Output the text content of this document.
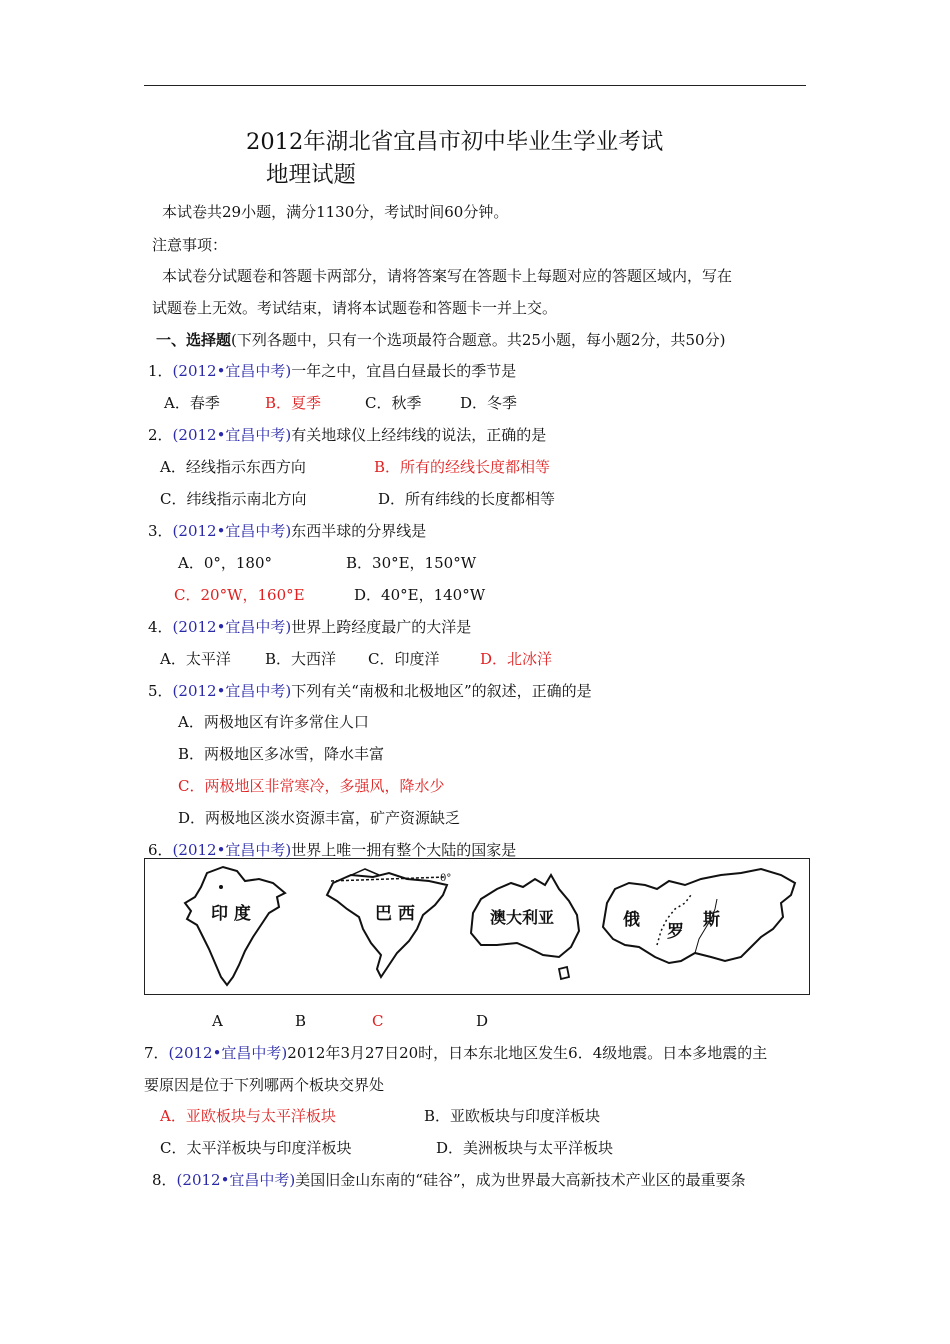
2012年湖北省宜昌市初中毕业生学业考试
地理试题
本试卷共29小题，满分1130分，考试时间60分钟。
注意事项：
本试卷分试题卷和答题卡两部分，请将答案写在答题卡上每题对应的答题区域内，写在
试题卷上无效。考试结束，请将本试题卷和答题卡一并上交。
一、选择题(下列各题中，只有一个选项最符合题意。共25小题，每小题2分，共50分)
1．(2012•宜昌中考)一年之中，宜昌白昼最长的季节是
A．春季	B．夏季	C．秋季	D．冬季
2．(2012•宜昌中考)有关地球仪上经纬线的说法，正确的是
A．经线指示东西方向	B．所有的经线长度都相等
C．纬线指示南北方向	D．所有纬线的长度都相等
3．(2012•宜昌中考)东西半球的分界线是
A．0°，180°	B．30°E，150°W
C．20°W，160°E	D．40°E，140°W
4．(2012•宜昌中考)世界上跨经度最广的大洋是
A．太平洋 B．大西洋 C．印度洋	D．北冰洋
5．(2012•宜昌中考)下列有关“南极和北极地区”的叙述，正确的是
A．两极地区有许多常住人口
B．两极地区多冰雪，降水丰富
C．两极地区非常寒冷，多强风，降水少
D．两极地区淡水资源丰富，矿产资源缺乏
6．(2012•宜昌中考)世界上唯一拥有整个大陆的国家是
印 度
0°
巴 西	澳大利亚	俄
罗
斯
A	B	C	D
7．(2012•宜昌中考)2012年3月27日20时，日本东北地区发生6．4级地震。日本多地震的主
要原因是位于下列哪两个板块交界处
A．亚欧板块与太平洋板块	B．亚欧板块与印度洋板块
C．太平洋板块与印度洋板块	D．美洲板块与太平洋板块
8．(2012•宜昌中考)美国旧金山东南的“硅谷”，成为世界最大高新技术产业区的最重要条
